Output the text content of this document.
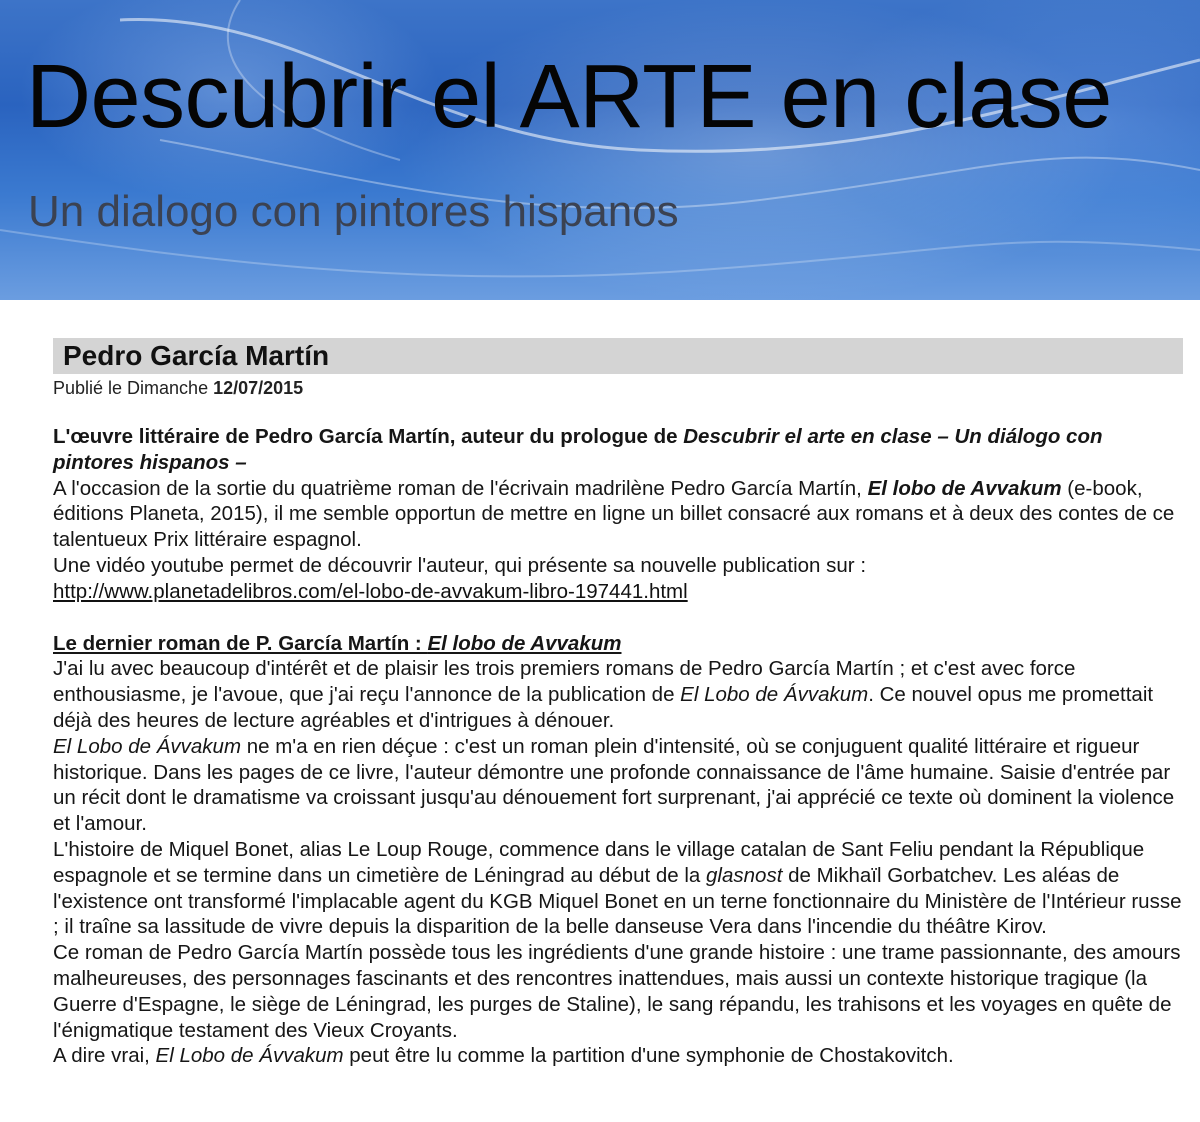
Descubrir el ARTE en clase
Un dialogo con pintores hispanos
Pedro García Martín
Publié le Dimanche 12/07/2015

L'œuvre littéraire de Pedro García Martín, auteur du prologue de Descubrir el arte en clase – Un diálogo con pintores hispanos –

A l'occasion de la sortie du quatrième roman de l'écrivain madrilène Pedro García Martín, El lobo de Avvakum (e-book, éditions Planeta, 2015), il me semble opportun de mettre en ligne un billet consacré aux romans et à deux des contes de ce talentueux Prix littéraire espagnol.

Une vidéo youtube permet de découvrir l'auteur, qui présente sa nouvelle publication sur :

http://www.planetadelibros.com/el-lobo-de-avvakum-libro-197441.html

Le dernier roman de P. García Martín : El lobo de Avvakum

J'ai lu avec beaucoup d'intérêt et de plaisir les trois premiers romans de Pedro García Martín ; et c'est avec force enthousiasme, je l'avoue, que j'ai reçu l'annonce de la publication de El Lobo de Ávvakum. Ce nouvel opus me promettait déjà des heures de lecture agréables et d'intrigues à dénouer.

El Lobo de Ávvakum ne m'a en rien déçue : c'est un roman plein d'intensité, où se conjuguent qualité littéraire et rigueur historique. Dans les pages de ce livre, l'auteur démontre une profonde connaissance de l'âme humaine. Saisie d'entrée par un récit dont le dramatisme va croissant jusqu'au dénouement fort surprenant, j'ai apprécié ce texte où dominent la violence et l'amour.

L'histoire de Miquel Bonet, alias Le Loup Rouge, commence dans le village catalan de Sant Feliu pendant la République espagnole et se termine dans un cimetière de Léningrad au début de la glasnost de Mikhaïl Gorbatchev. Les aléas de l'existence ont transformé l'implacable agent du KGB Miquel Bonet en un terne fonctionnaire du Ministère de l'Intérieur russe ; il traîne sa lassitude de vivre depuis la disparition de la belle danseuse Vera dans l'incendie du théâtre Kirov.

Ce roman de Pedro García Martín possède tous les ingrédients d'une grande histoire : une trame passionnante, des amours malheureuses, des personnages fascinants et des rencontres inattendues, mais aussi un contexte historique tragique (la Guerre d'Espagne, le siège de Léningrad, les purges de Staline), le sang répandu, les trahisons et les voyages en quête de l'énigmatique testament des Vieux Croyants.

A dire vrai, El Lobo de Ávvakum peut être lu comme la partition d'une symphonie de Chostakovitch.
